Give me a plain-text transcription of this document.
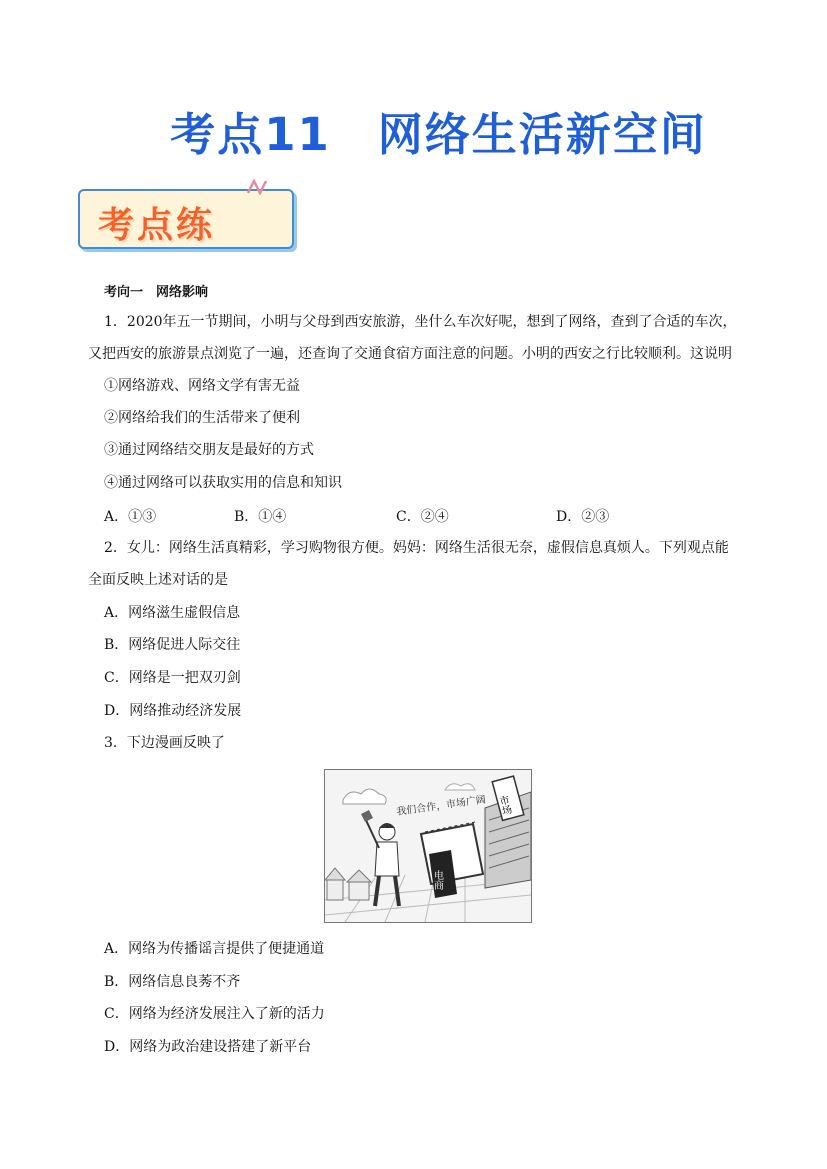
考点11　网络生活新空间
考点练
考向一　网络影响
1．2020年五一节期间，小明与父母到西安旅游，坐什么车次好呢，想到了网络，查到了合适的车次，
又把西安的旅游景点浏览了一遍，还查询了交通食宿方面注意的问题。小明的西安之行比较顺利。这说明
①网络游戏、网络文学有害无益
②网络给我们的生活带来了便利
③通过网络结交朋友是最好的方式
④通过网络可以获取实用的信息和知识
A．①③	B．①④	C．②④	D．②③
2．女儿：网络生活真精彩，学习购物很方便。妈妈：网络生活很无奈，虚假信息真烦人。下列观点能
全面反映上述对话的是
A．网络滋生虚假信息
B．网络促进人际交往
C．网络是一把双刃剑
D．网络推动经济发展
3．下边漫画反映了
市场
电商
我们合作，市场广阔
A．网络为传播谣言提供了便捷通道
B．网络信息良莠不齐
C．网络为经济发展注入了新的活力
D．网络为政治建设搭建了新平台
